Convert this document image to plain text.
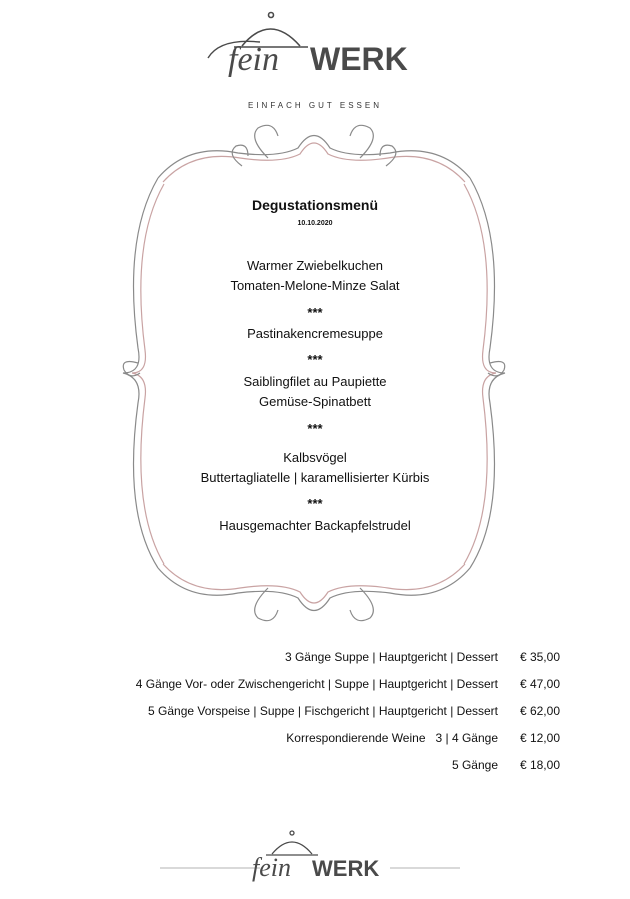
fein WERK
EINFACH GUT ESSEN
Degustationsmenü
10.10.2020
Warmer Zwiebelkuchen
Tomaten-Melone-Minze Salat
***
Pastinakencremesuppe
***
Saiblingfilet au Paupiette
Gemüse-Spinatbett
***
Kalbsvögel
Buttertagliatelle | karamellisierter Kürbis
***
Hausgemachter Backapfelstrudel
3 Gänge Suppe | Hauptgericht | Dessert	€ 35,00
4 Gänge Vor- oder Zwischengericht | Suppe | Hauptgericht | Dessert	€ 47,00
5 Gänge Vorspeise | Suppe | Fischgericht | Hauptgericht | Dessert	€ 62,00
Korrespondierende Weine   3 | 4 Gänge	€ 12,00
5 Gänge	€ 18,00
fein WERK
